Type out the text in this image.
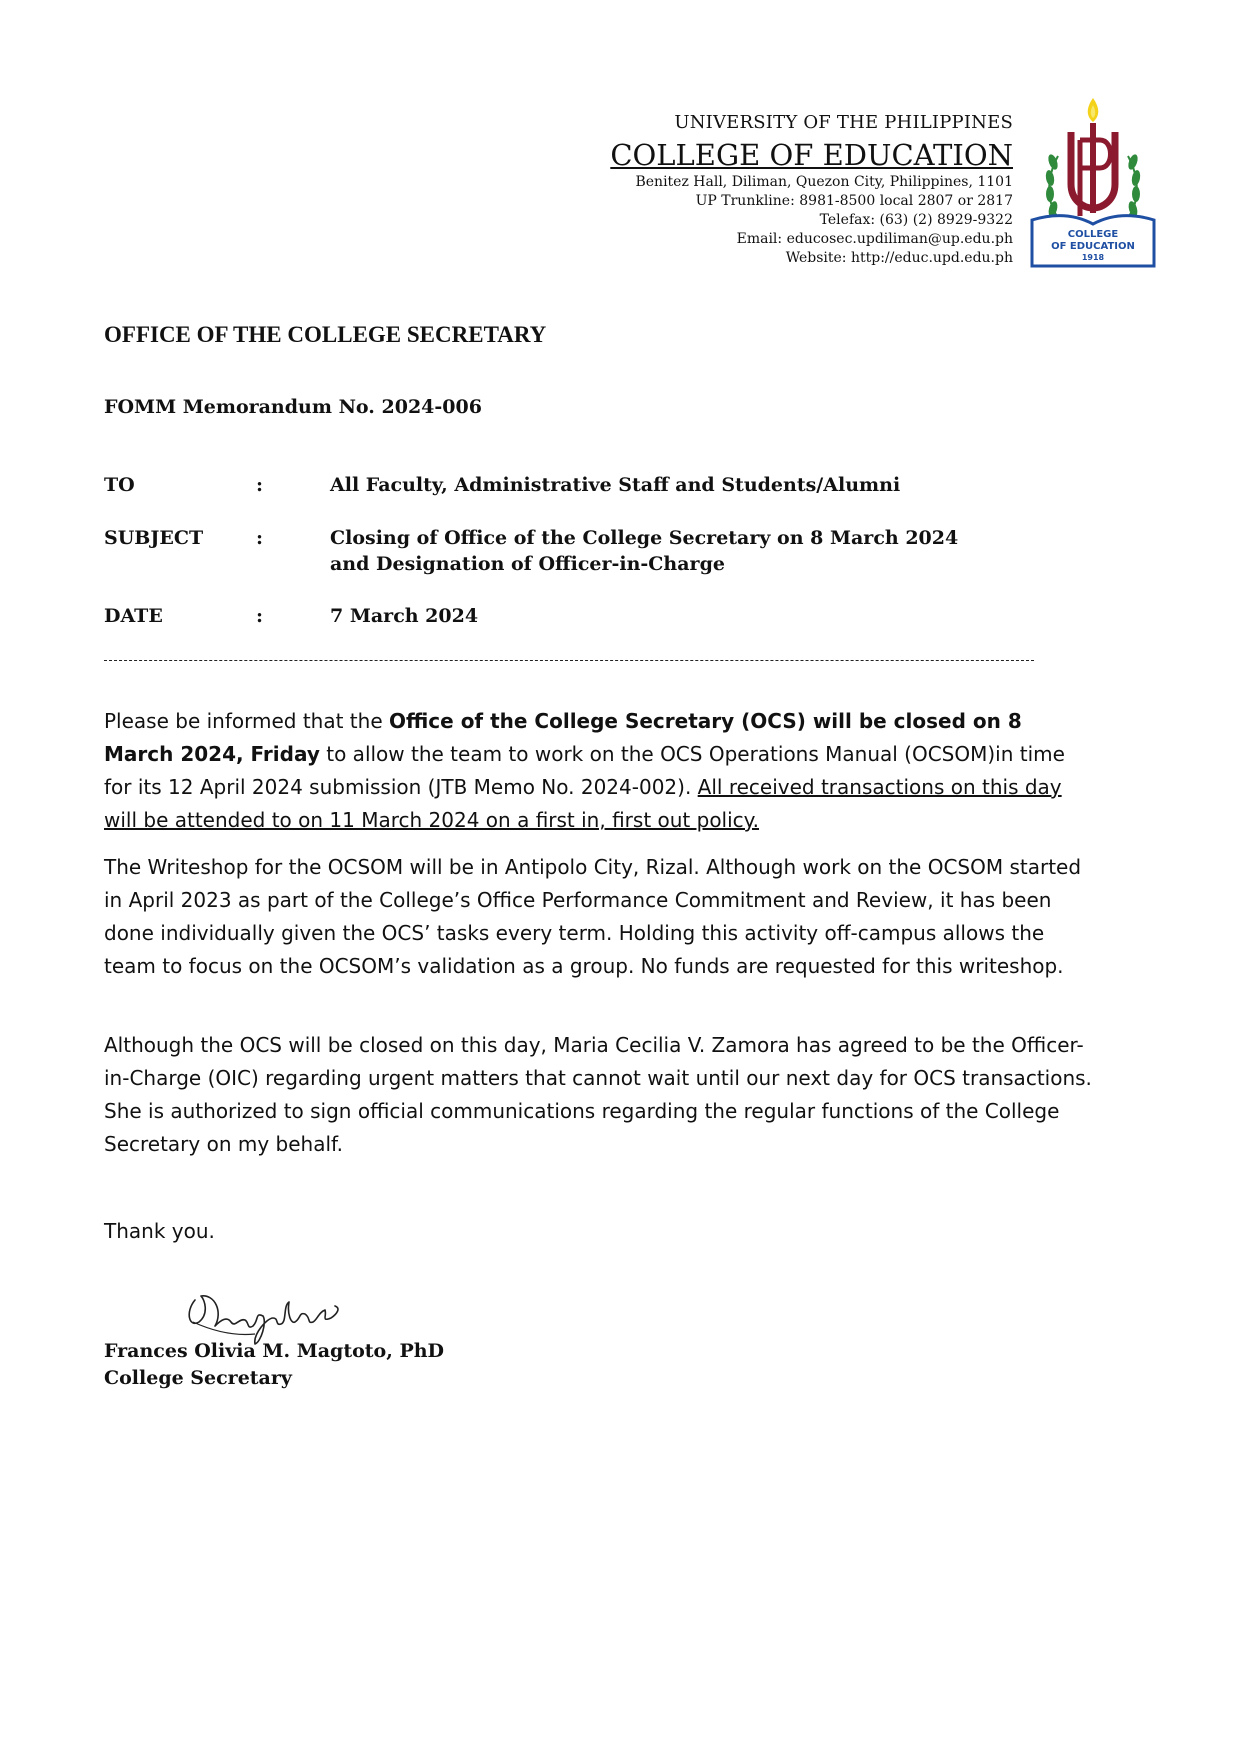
UNIVERSITY OF THE PHILIPPINES
COLLEGE OF EDUCATION
Benitez Hall, Diliman, Quezon City, Philippines, 1101
UP Trunkline: 8981-8500 local 2807 or 2817
Telefax: (63) (2) 8929-9322
Email: educosec.updiliman@up.edu.ph
Website: http://educ.upd.edu.ph
COLLEGE
OF EDUCATION
1918
OFFICE OF THE COLLEGE SECRETARY
FOMM Memorandum No. 2024-006
TO	:	All Faculty, Administrative Staff and Students/Alumni
SUBJECT	:	Closing of Office of the College Secretary on 8 March 2024
and Designation of Officer-in-Charge
DATE	:	7 March 2024

Please be informed that the Office of the College Secretary (OCS) will be closed on 8 March 2024, Friday to allow the team to work on the OCS Operations Manual (OCSOM)in time for its 12 April 2024 submission (JTB Memo No. 2024-002). All received transactions on this day will be attended to on 11 March 2024 on a first in, first out policy.

The Writeshop for the OCSOM will be in Antipolo City, Rizal. Although work on the OCSOM started in April 2023 as part of the College’s Office Performance Commitment and Review, it has been done individually given the OCS’ tasks every term. Holding this activity off-campus allows the team to focus on the OCSOM’s validation as a group. No funds are requested for this writeshop.

Although the OCS will be closed on this day, Maria Cecilia V. Zamora has agreed to be the Officer-in-Charge (OIC) regarding urgent matters that cannot wait until our next day for OCS transactions. She is authorized to sign official communications regarding the regular functions of the College Secretary on my behalf.

Thank you.

Frances Olivia M. Magtoto, PhD
College Secretary
